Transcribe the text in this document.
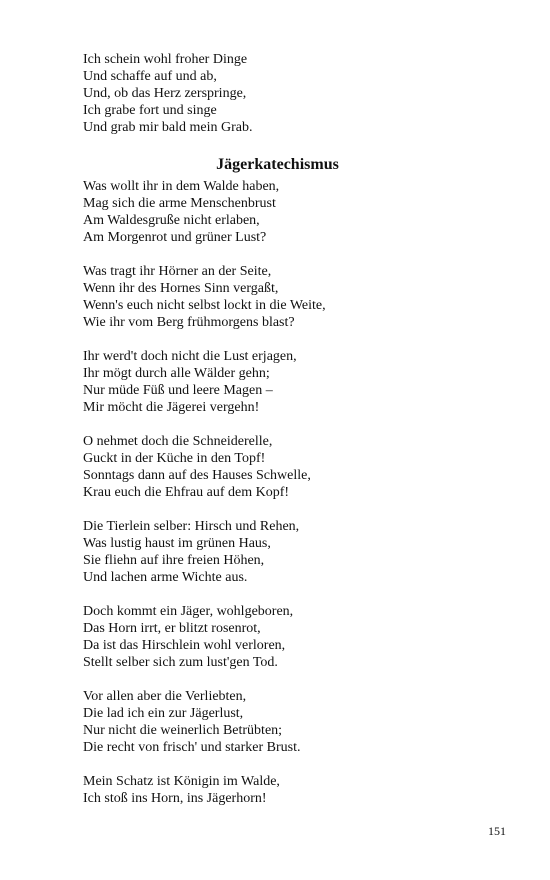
Ich schein wohl froher Dinge
Und schaffe auf und ab,
Und, ob das Herz zerspringe,
Ich grabe fort und singe
Und grab mir bald mein Grab.
Jägerkatechismus
Was wollt ihr in dem Walde haben,
Mag sich die arme Menschenbrust
Am Waldesgruße nicht erlaben,
Am Morgenrot und grüner Lust?
Was tragt ihr Hörner an der Seite,
Wenn ihr des Hornes Sinn vergaßt,
Wenn's euch nicht selbst lockt in die Weite,
Wie ihr vom Berg frühmorgens blast?
Ihr werd't doch nicht die Lust erjagen,
Ihr mögt durch alle Wälder gehn;
Nur müde Füß und leere Magen –
Mir möcht die Jägerei vergehn!
O nehmet doch die Schneiderelle,
Guckt in der Küche in den Topf!
Sonntags dann auf des Hauses Schwelle,
Krau euch die Ehfrau auf dem Kopf!
Die Tierlein selber: Hirsch und Rehen,
Was lustig haust im grünen Haus,
Sie fliehn auf ihre freien Höhen,
Und lachen arme Wichte aus.
Doch kommt ein Jäger, wohlgeboren,
Das Horn irrt, er blitzt rosenrot,
Da ist das Hirschlein wohl verloren,
Stellt selber sich zum lust'gen Tod.
Vor allen aber die Verliebten,
Die lad ich ein zur Jägerlust,
Nur nicht die weinerlich Betrübten;
Die recht von frisch' und starker Brust.
Mein Schatz ist Königin im Walde,
Ich stoß ins Horn, ins Jägerhorn!
151
